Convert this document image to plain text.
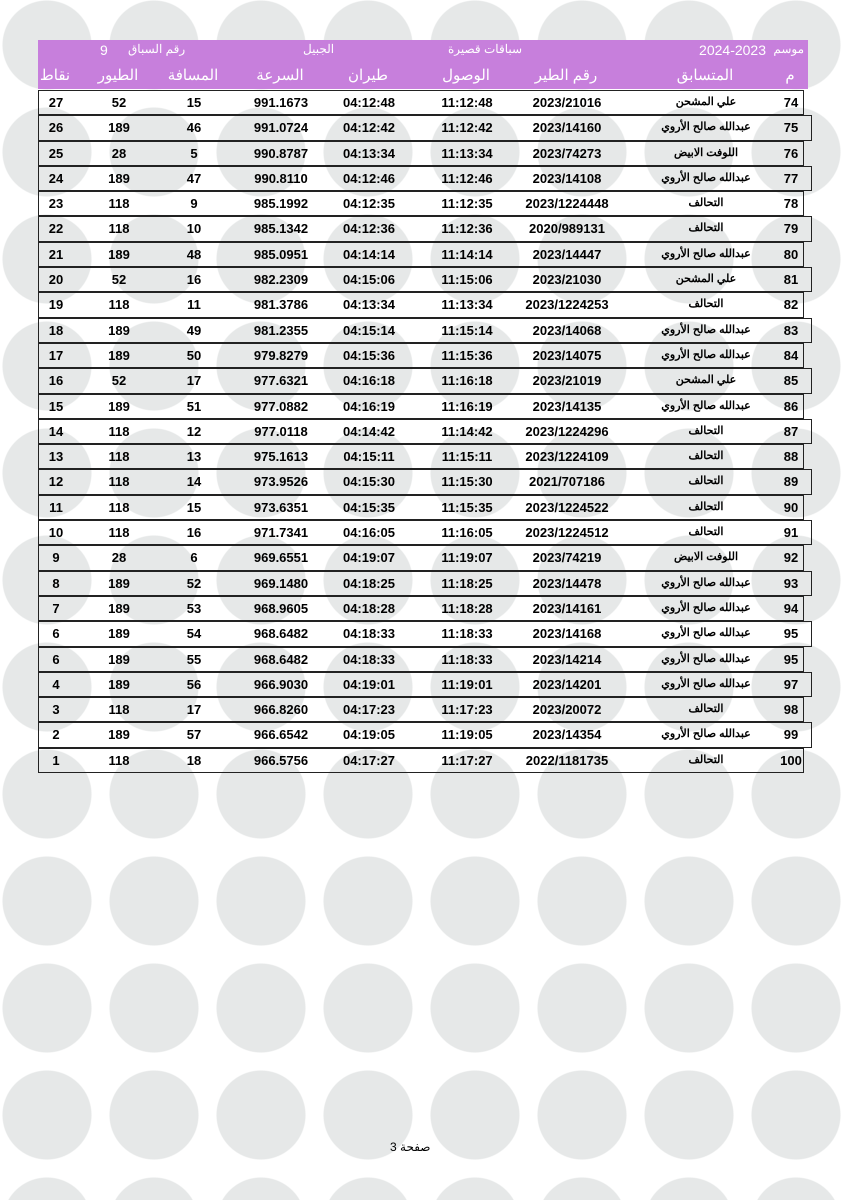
موسم
2024-2023
سباقات قصيرة
الجبيل
رقم السباق
9
م
المتسابق
رقم الطير
الوصول
طيران
السرعة
المسافة
الطيور
نقاط
74
علي المشحن
2023/21016
11:12:48
04:12:48
991.1673
15
52
27
75
عبدالله صالح الأروي
2023/14160
11:12:42
04:12:42
991.0724
46
189
26
76
اللوفت الابيض
2023/74273
11:13:34
04:13:34
990.8787
5
28
25
77
عبدالله صالح الأروي
2023/14108
11:12:46
04:12:46
990.8110
47
189
24
78
التحالف
2023/1224448
11:12:35
04:12:35
985.1992
9
118
23
79
التحالف
2020/989131
11:12:36
04:12:36
985.1342
10
118
22
80
عبدالله صالح الأروي
2023/14447
11:14:14
04:14:14
985.0951
48
189
21
81
علي المشحن
2023/21030
11:15:06
04:15:06
982.2309
16
52
20
82
التحالف
2023/1224253
11:13:34
04:13:34
981.3786
11
118
19
83
عبدالله صالح الأروي
2023/14068
11:15:14
04:15:14
981.2355
49
189
18
84
عبدالله صالح الأروي
2023/14075
11:15:36
04:15:36
979.8279
50
189
17
85
علي المشحن
2023/21019
11:16:18
04:16:18
977.6321
17
52
16
86
عبدالله صالح الأروي
2023/14135
11:16:19
04:16:19
977.0882
51
189
15
87
التحالف
2023/1224296
11:14:42
04:14:42
977.0118
12
118
14
88
التحالف
2023/1224109
11:15:11
04:15:11
975.1613
13
118
13
89
التحالف
2021/707186
11:15:30
04:15:30
973.9526
14
118
12
90
التحالف
2023/1224522
11:15:35
04:15:35
973.6351
15
118
11
91
التحالف
2023/1224512
11:16:05
04:16:05
971.7341
16
118
10
92
اللوفت الابيض
2023/74219
11:19:07
04:19:07
969.6551
6
28
9
93
عبدالله صالح الأروي
2023/14478
11:18:25
04:18:25
969.1480
52
189
8
94
عبدالله صالح الأروي
2023/14161
11:18:28
04:18:28
968.9605
53
189
7
95
عبدالله صالح الأروي
2023/14168
11:18:33
04:18:33
968.6482
54
189
6
95
عبدالله صالح الأروي
2023/14214
11:18:33
04:18:33
968.6482
55
189
6
97
عبدالله صالح الأروي
2023/14201
11:19:01
04:19:01
966.9030
56
189
4
98
التحالف
2023/20072
11:17:23
04:17:23
966.8260
17
118
3
99
عبدالله صالح الأروي
2023/14354
11:19:05
04:19:05
966.6542
57
189
2
100
التحالف
2022/1181735
11:17:27
04:17:27
966.5756
18
118
1
صفحة 3
